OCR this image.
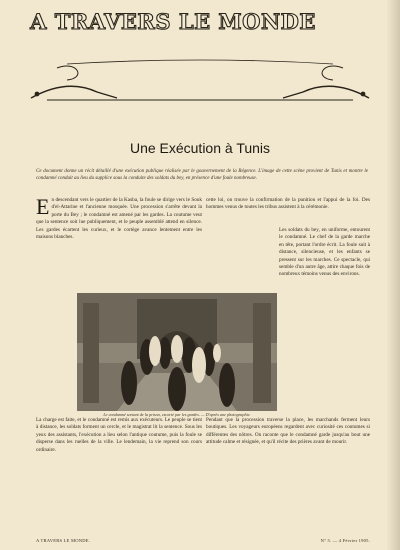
A TRAVERS LE MONDE
Une Exécution à Tunis
Ce document donne un récit détaillé d'une exécution publique réalisée par le gouvernement de la Régence. L'image de cette scène provient de Tunis et montre le condamné conduit au lieu du supplice sous la conduite des soldats du bey, en présence d'une foule nombreuse.
En descendant vers le quartier de la Kasba, la foule se dirige vers le Souk d'el-Attarine et l'ancienne mosquée. Une procession s'arrête devant la porte du Bey ; le condamné est amené par les gardes. La coutume veut que la sentence soit lue publiquement, et le peuple assemblé attend en silence. Les gardes écartent les curieux, et le cortège avance lentement entre les maisons blanches.
cette loi, on trouve la confirmation de la punition et l'appui de la foi. Des hommes venus de toutes les tribus assistent à la cérémonie.
Les soldats du bey, en uniforme, entourent le condamné. Le chef de la garde marche en tête, portant l'ordre écrit. La foule suit à distance, silencieuse, et les enfants se pressent sur les marches. Ce spectacle, qui semble d'un autre âge, attire chaque fois de nombreux témoins venus des environs.
Le condamné sortant de la prison, escorté par les gardes. — D'après une photographie.
La charge est faite, et le condamné est remis aux exécuteurs. Le peuple se tient à distance, les soldats forment un cercle, et le magistrat lit la sentence. Sous les yeux des assistants, l'exécution a lieu selon l'antique coutume, puis la foule se disperse dans les ruelles de la ville. Le lendemain, la vie reprend son cours ordinaire.
Pendant que la procession traverse la place, les marchands ferment leurs boutiques. Les voyageurs européens regardent avec curiosité ces coutumes si différentes des nôtres. On raconte que le condamné garde jusqu'au bout une attitude calme et résignée, et qu'il récite des prières avant de mourir.
A TRAVERS LE MONDE.	N° 5. — 4 Février 1905.
